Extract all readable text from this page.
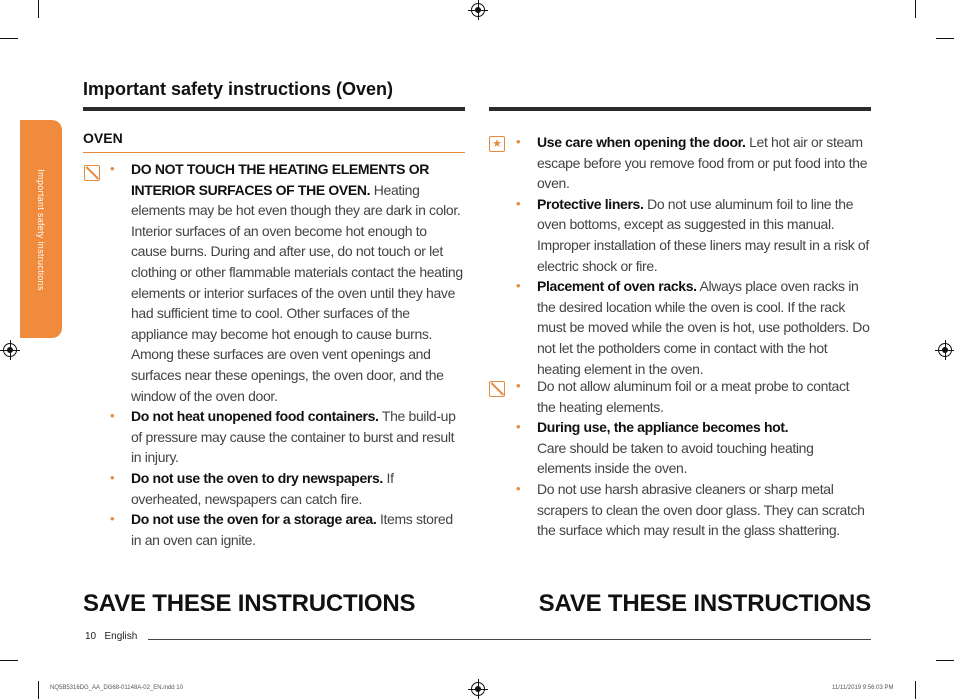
Important safety instructions
Important safety instructions (Oven)
OVEN
• DO NOT TOUCH THE HEATING ELEMENTS OR INTERIOR SURFACES OF THE OVEN. Heating elements may be hot even though they are dark in color. Interior surfaces of an oven become hot enough to cause burns. During and after use, do not touch or let clothing or other flammable materials contact the heating elements or interior surfaces of the oven until they have had sufficient time to cool. Other surfaces of the appliance may become hot enough to cause burns. Among these surfaces are oven vent openings and surfaces near these openings, the oven door, and the window of the oven door.
• Do not heat unopened food containers. The build-up of pressure may cause the container to burst and result in injury.
• Do not use the oven to dry newspapers. If overheated, newspapers can catch fire.
• Do not use the oven for a storage area. Items stored in an oven can ignite.
★ • Use care when opening the door. Let hot air or steam escape before you remove food from or put food into the oven.
• Protective liners. Do not use aluminum foil to line the oven bottoms, except as suggested in this manual. Improper installation of these liners may result in a risk of electric shock or fire.
• Placement of oven racks. Always place oven racks in the desired location while the oven is cool. If the rack must be moved while the oven is hot, use potholders. Do not let the potholders come in contact with the hot heating element in the oven.
• Do not allow aluminum foil or a meat probe to contact the heating elements.
• During use, the appliance becomes hot.
Care should be taken to avoid touching heating elements inside the oven.
• Do not use harsh abrasive cleaners or sharp metal scrapers to clean the oven door glass. They can scratch the surface which may result in the glass shattering.
SAVE THESE INSTRUCTIONS	SAVE THESE INSTRUCTIONS
10 English
NQ5B5316DG_AA_DG68-01148A-02_EN.indd 10	11/11/2019 9:56:03 PM
